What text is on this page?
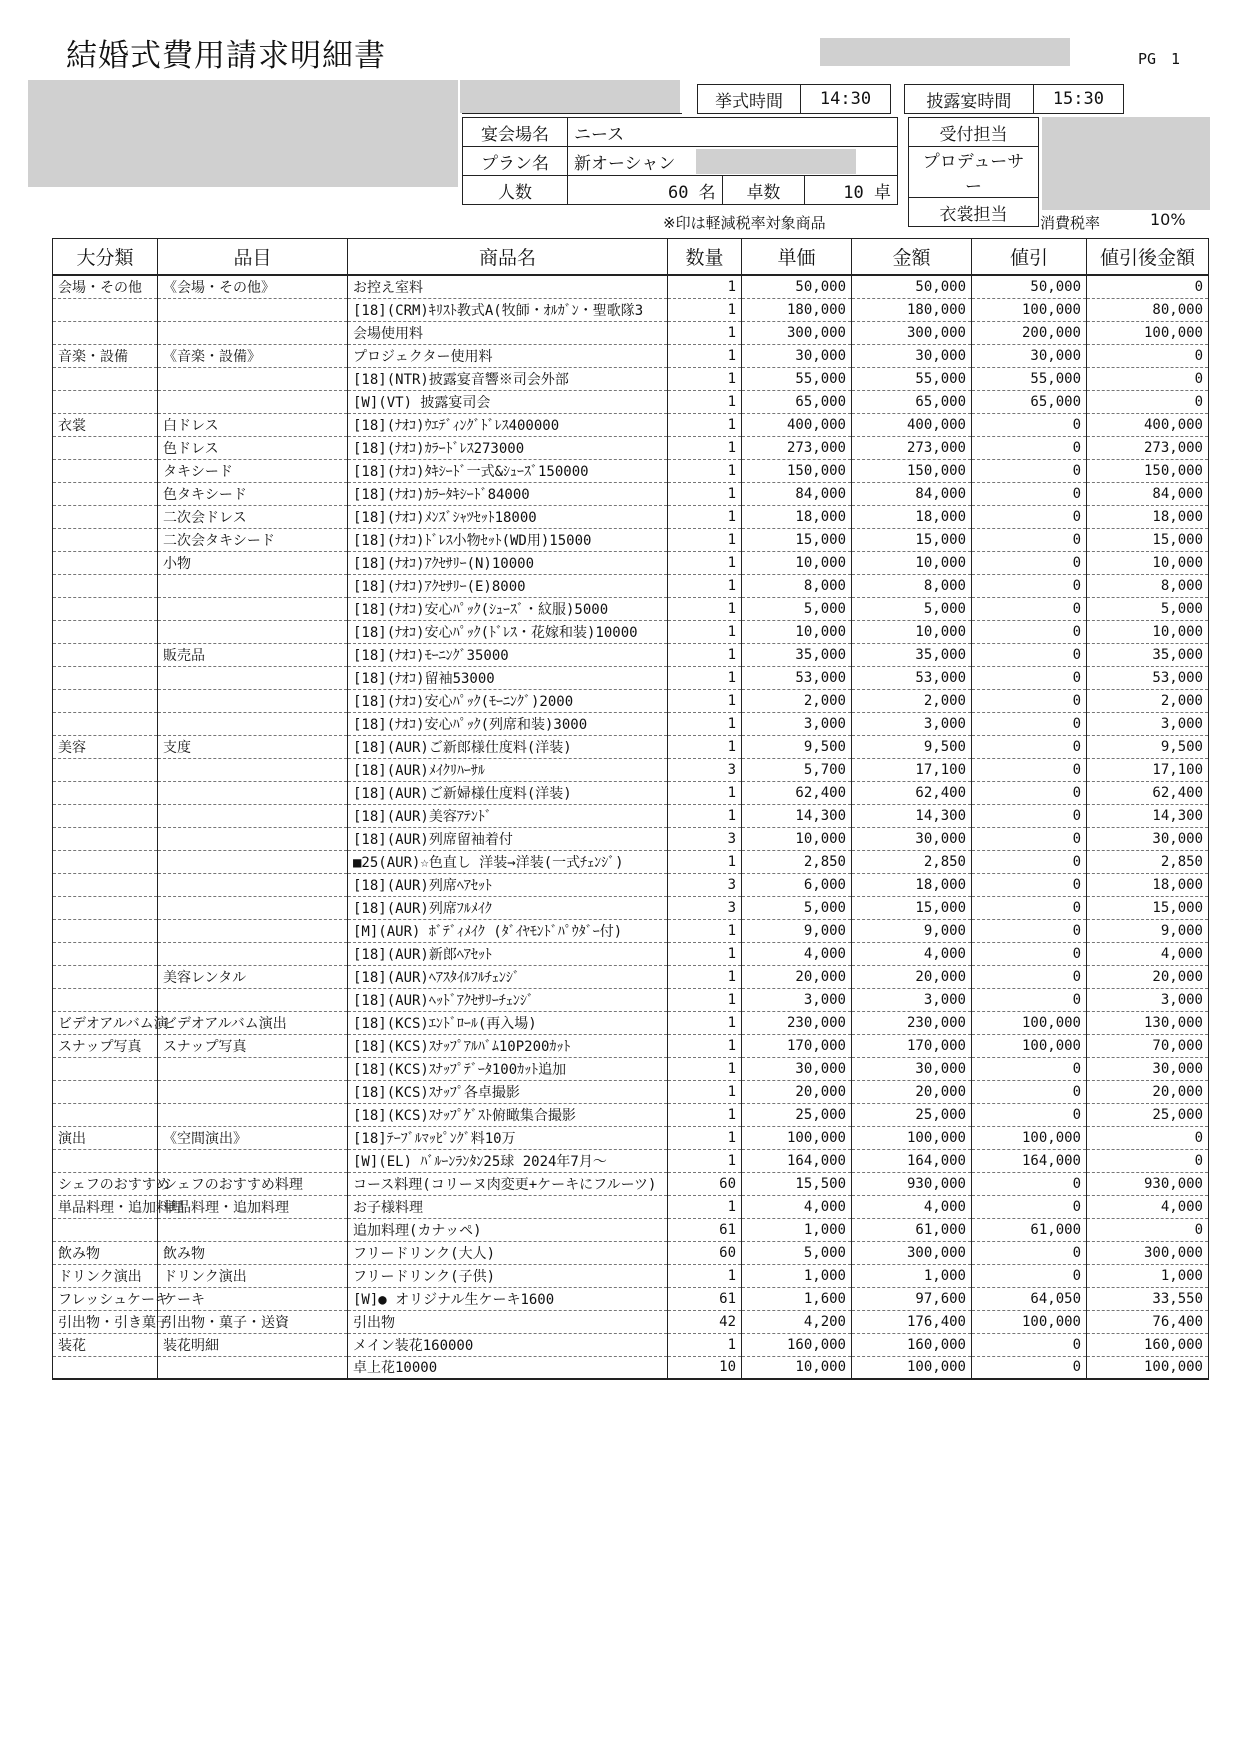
結婚式費用請求明細書	PG　1
挙式時間	14:30	披露宴時間	15:30
宴会場名	ニース		
プラン名	新オーシャン		

人数	60 名	卓数	10 卓
受付担当
プロデューサー
衣裳担当
※印は軽減税率対象商品	消費税率	10%
大分類	品目	商品名	数量	単価	金額	値引	値引後金額
会場・その他	《会場・その他》	お控え室料	1	50,000	50,000	50,000	0
		[18](CRM)ｷﾘｽﾄ教式A(牧師・ｵﾙｶﾞﾝ・聖歌隊3	1	180,000	180,000	100,000	80,000
		会場使用料	1	300,000	300,000	200,000	100,000
音楽・設備	《音楽・設備》	プロジェクター使用料	1	30,000	30,000	30,000	0
		[18](NTR)披露宴音響※司会外部	1	55,000	55,000	55,000	0
		[W](VT) 披露宴司会	1	65,000	65,000	65,000	0
衣裳	白ドレス	[18](ﾅｵｺ)ｳｴﾃﾞｨﾝｸﾞﾄﾞﾚｽ400000	1	400,000	400,000	0	400,000
	色ドレス	[18](ﾅｵｺ)ｶﾗｰﾄﾞﾚｽ273000	1	273,000	273,000	0	273,000
	タキシード	[18](ﾅｵｺ)ﾀｷｼｰﾄﾞ一式&ｼｭｰｽﾞ150000	1	150,000	150,000	0	150,000
	色タキシード	[18](ﾅｵｺ)ｶﾗｰﾀｷｼｰﾄﾞ84000	1	84,000	84,000	0	84,000
	二次会ドレス	[18](ﾅｵｺ)ﾒﾝｽﾞｼｬﾂｾｯﾄ18000	1	18,000	18,000	0	18,000
	二次会タキシード	[18](ﾅｵｺ)ﾄﾞﾚｽ小物ｾｯﾄ(WD用)15000	1	15,000	15,000	0	15,000
	小物	[18](ﾅｵｺ)ｱｸｾｻﾘｰ(N)10000	1	10,000	10,000	0	10,000
		[18](ﾅｵｺ)ｱｸｾｻﾘｰ(E)8000	1	8,000	8,000	0	8,000
		[18](ﾅｵｺ)安心ﾊﾟｯｸ(ｼｭｰｽﾞ・紋服)5000	1	5,000	5,000	0	5,000
		[18](ﾅｵｺ)安心ﾊﾟｯｸ(ﾄﾞﾚｽ・花嫁和装)10000	1	10,000	10,000	0	10,000
	販売品	[18](ﾅｵｺ)ﾓｰﾆﾝｸﾞ35000	1	35,000	35,000	0	35,000
		[18](ﾅｵｺ)留袖53000	1	53,000	53,000	0	53,000
		[18](ﾅｵｺ)安心ﾊﾟｯｸ(ﾓｰﾆﾝｸﾞ)2000	1	2,000	2,000	0	2,000
		[18](ﾅｵｺ)安心ﾊﾟｯｸ(列席和装)3000	1	3,000	3,000	0	3,000
美容	支度	[18](AUR)ご新郎様仕度料(洋装)	1	9,500	9,500	0	9,500
		[18](AUR)ﾒｲｸﾘﾊｰｻﾙ	3	5,700	17,100	0	17,100
		[18](AUR)ご新婦様仕度料(洋装)	1	62,400	62,400	0	62,400
		[18](AUR)美容ｱﾃﾝﾄﾞ	1	14,300	14,300	0	14,300
		[18](AUR)列席留袖着付	3	10,000	30,000	0	30,000
		■25(AUR)☆色直し 洋装→洋装(一式ﾁｪﾝｼﾞ)	1	2,850	2,850	0	2,850
		[18](AUR)列席ﾍｱｾｯﾄ	3	6,000	18,000	0	18,000
		[18](AUR)列席ﾌﾙﾒｲｸ	3	5,000	15,000	0	15,000
		[M](AUR) ﾎﾞﾃﾞｨﾒｲｸ (ﾀﾞｲﾔﾓﾝﾄﾞﾊﾟｳﾀﾞｰ付)	1	9,000	9,000	0	9,000
		[18](AUR)新郎ﾍｱｾｯﾄ	1	4,000	4,000	0	4,000
	美容レンタル	[18](AUR)ﾍｱｽﾀｲﾙﾌﾙﾁｪﾝｼﾞ	1	20,000	20,000	0	20,000
		[18](AUR)ﾍｯﾄﾞｱｸｾｻﾘｰﾁｪﾝｼﾞ	1	3,000	3,000	0	3,000
ビデオアルバム演	ビデオアルバム演出	[18](KCS)ｴﾝﾄﾞﾛｰﾙ(再入場)	1	230,000	230,000	100,000	130,000
スナップ写真	スナップ写真	[18](KCS)ｽﾅｯﾌﾟｱﾙﾊﾞﾑ10P200ｶｯﾄ	1	170,000	170,000	100,000	70,000
		[18](KCS)ｽﾅｯﾌﾟﾃﾞｰﾀ100ｶｯﾄ追加	1	30,000	30,000	0	30,000
		[18](KCS)ｽﾅｯﾌﾟ各卓撮影	1	20,000	20,000	0	20,000
		[18](KCS)ｽﾅｯﾌﾟｹﾞｽﾄ俯瞰集合撮影	1	25,000	25,000	0	25,000
演出	《空間演出》	[18]ﾃｰﾌﾞﾙﾏｯﾋﾟﾝｸﾞ料10万	1	100,000	100,000	100,000	0
		[W](EL) ﾊﾞﾙｰﾝﾗﾝﾀﾝ25球 2024年7月～	1	164,000	164,000	164,000	0
シェフのおすすめ	シェフのおすすめ料理	コース料理(コリーヌ肉変更+ケーキにフルーツ)	60	15,500	930,000	0	930,000
単品料理・追加料理	単品料理・追加料理	お子様料理	1	4,000	4,000	0	4,000
		追加料理(カナッペ)	61	1,000	61,000	61,000	0
飲み物	飲み物	フリードリンク(大人)	60	5,000	300,000	0	300,000
ドリンク演出	ドリンク演出	フリードリンク(子供)	1	1,000	1,000	0	1,000
フレッシュケーキ	ケーキ	[W]● オリジナル生ケーキ1600	61	1,600	97,600	64,050	33,550
引出物・引き菓子	引出物・菓子・送資	引出物	42	4,200	176,400	100,000	76,400
装花	装花明細	メイン装花160000	1	160,000	160,000	0	160,000
		卓上花10000	10	10,000	100,000	0	100,000
